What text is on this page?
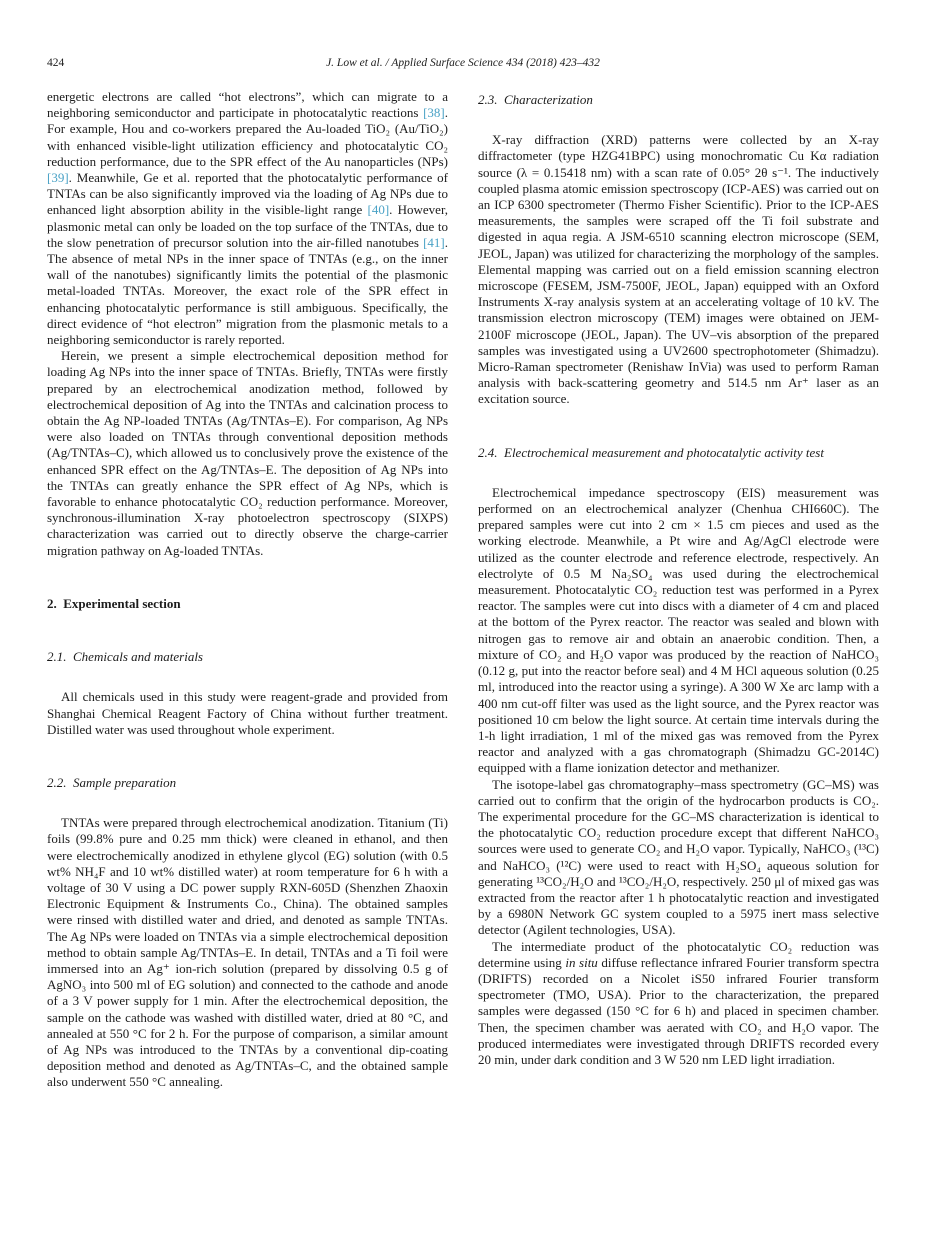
424	J. Low et al. / Applied Surface Science 434 (2018) 423–432

energetic electrons are called “hot electrons”, which can migrate to a neighboring semiconductor and participate in photocatalytic reactions [38]. For example, Hou and co-workers prepared the Au-loaded TiO₂ (Au/TiO₂) with enhanced visible-light utilization efficiency and photocatalytic CO₂ reduction performance, due to the SPR effect of the Au nanoparticles (NPs) [39]. Meanwhile, Ge et al. reported that the photocatalytic performance of TNTAs can be also significantly improved via the loading of Ag NPs due to enhanced light absorption ability in the visible-light range [40]. However, plasmonic metal can only be loaded on the top surface of the TNTAs, due to the slow penetration of precursor solution into the air-filled nanotubes [41]. The absence of metal NPs in the inner space of TNTAs (e.g., on the inner wall of the nanotubes) significantly limits the potential of the plasmonic metal-loaded TNTAs. Moreover, the exact role of the SPR effect in enhancing photocatalytic performance is still ambiguous. Specifically, the direct evidence of “hot electron” migration from the plasmonic metals to a neighboring semiconductor is rarely reported.

Herein, we present a simple electrochemical deposition method for loading Ag NPs into the inner space of TNTAs. Briefly, TNTAs were firstly prepared by an electrochemical anodization method, followed by electrochemical deposition of Ag into the TNTAs and calcination process to obtain the Ag NP-loaded TNTAs (Ag/TNTAs–E). For comparison, Ag NPs were also loaded on TNTAs through conventional deposition methods (Ag/TNTAs–C), which allowed us to conclusively prove the existence of the enhanced SPR effect on the Ag/TNTAs–E. The deposition of Ag NPs into the TNTAs can greatly enhance the SPR effect of Ag NPs, which is favorable to enhance photocatalytic CO₂ reduction performance. Moreover, synchronous-illumination X-ray photoelectron spectroscopy (SIXPS) characterization was carried out to directly observe the charge-carrier migration pathway on Ag-loaded TNTAs.

2. Experimental section
2.1. Chemicals and materials

All chemicals used in this study were reagent-grade and provided from Shanghai Chemical Reagent Factory of China without further treatment. Distilled water was used throughout whole experiment.

2.2. Sample preparation

TNTAs were prepared through electrochemical anodization. Titanium (Ti) foils (99.8% pure and 0.25 mm thick) were cleaned in ethanol, and then were electrochemically anodized in ethylene glycol (EG) solution (with 0.5 wt% NH₄F and 10 wt% distilled water) at room temperature for 6 h with a voltage of 30 V using a DC power supply RXN-605D (Shenzhen Zhaoxin Electronic Equipment & Instruments Co., China). The obtained samples were rinsed with distilled water and dried, and denoted as sample TNTAs. The Ag NPs were loaded on TNTAs via a simple electrochemical deposition method to obtain sample Ag/TNTAs–E. In detail, TNTAs and a Ti foil were immersed into an Ag⁺ ion-rich solution (prepared by dissolving 0.5 g of AgNO₃ into 500 ml of EG solution) and connected to the cathode and anode of a 3 V power supply for 1 min. After the electrochemical deposition, the sample on the cathode was washed with distilled water, dried at 80 °C, and annealed at 550 °C for 2 h. For the purpose of comparison, a similar amount of Ag NPs was introduced to the TNTAs by a conventional dip-coating deposition method and denoted as Ag/TNTAs–C, and the obtained sample also underwent 550 °C annealing.

2.3. Characterization

X-ray diffraction (XRD) patterns were collected by an X-ray diffractometer (type HZG41BPC) using monochromatic Cu Kα radiation source (λ = 0.15418 nm) with a scan rate of 0.05° 2θ s⁻¹. The inductively coupled plasma atomic emission spectroscopy (ICP-AES) was carried out on an ICP 6300 spectrometer (Thermo Fisher Scientific). Prior to the ICP-AES measurements, the samples were scraped off the Ti foil substrate and digested in aqua regia. A JSM-6510 scanning electron microscope (SEM, JEOL, Japan) was utilized for characterizing the morphology of the samples. Elemental mapping was carried out on a field emission scanning electron microscope (FESEM, JSM-7500F, JEOL, Japan) equipped with an Oxford Instruments X-ray analysis system at an accelerating voltage of 10 kV. The transmission electron microscopy (TEM) images were obtained on JEM-2100F microscope (JEOL, Japan). The UV–vis absorption of the prepared samples was investigated using a UV2600 spectrophotometer (Shimadzu). Micro-Raman spectrometer (Renishaw InVia) was used to perform Raman analysis with back-scattering geometry and 514.5 nm Ar⁺ laser as an excitation source.

2.4. Electrochemical measurement and photocatalytic activity test

Electrochemical impedance spectroscopy (EIS) measurement was performed on an electrochemical analyzer (Chenhua CHI660C). The prepared samples were cut into 2 cm × 1.5 cm pieces and used as the working electrode. Meanwhile, a Pt wire and Ag/AgCl electrode were utilized as the counter electrode and reference electrode, respectively. An electrolyte of 0.5 M Na₂SO₄ was used during the electrochemical measurement. Photocatalytic CO₂ reduction test was performed in a Pyrex reactor. The samples were cut into discs with a diameter of 4 cm and placed at the bottom of the Pyrex reactor. The reactor was sealed and blown with nitrogen gas to remove air and obtain an anaerobic condition. Then, a mixture of CO₂ and H₂O vapor was produced by the reaction of NaHCO₃ (0.12 g, put into the reactor before seal) and 4 M HCl aqueous solution (0.25 ml, introduced into the reactor using a syringe). A 300 W Xe arc lamp with a 400 nm cut-off filter was used as the light source, and the Pyrex reactor was positioned 10 cm below the light source. At certain time intervals during the 1-h light irradiation, 1 ml of the mixed gas was removed from the Pyrex reactor and analyzed with a gas chromatograph (Shimadzu GC-2014C) equipped with a flame ionization detector and methanizer.

The isotope-label gas chromatography–mass spectrometry (GC–MS) was carried out to confirm that the origin of the hydrocarbon products is CO₂. The experimental procedure for the GC–MS characterization is identical to the photocatalytic CO₂ reduction procedure except that different NaHCO₃ sources were used to generate CO₂ and H₂O vapor. Typically, NaHCO₃ (¹³C) and NaHCO₃ (¹²C) were used to react with H₂SO₄ aqueous solution for generating ¹³CO₂/H₂O and ¹³CO₂/H₂O, respectively. 250 μl of mixed gas was extracted from the reactor after 1 h photocatalytic reaction and investigated by a 6980N Network GC system coupled to a 5975 inert mass selective detector (Agilent technologies, USA).

The intermediate product of the photocatalytic CO₂ reduction was determine using in situ diffuse reflectance infrared Fourier transform spectra (DRIFTS) recorded on a Nicolet iS50 infrared Fourier transform spectrometer (TMO, USA). Prior to the characterization, the prepared samples were degassed (150 °C for 6 h) and placed in specimen chamber. Then, the specimen chamber was aerated with CO₂ and H₂O vapor. The produced intermediates were investigated through DRIFTS recorded every 20 min, under dark condition and 3 W 520 nm LED light irradiation.
